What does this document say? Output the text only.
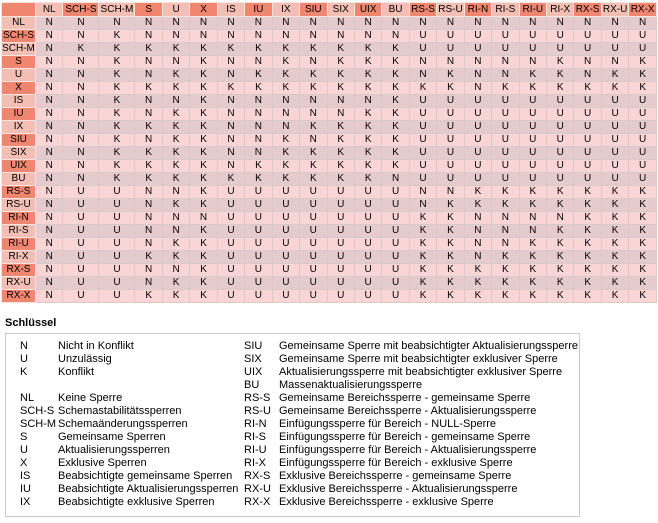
	NL	SCH-S	SCH-M	S	U	X	IS	IU	IX	SIU	SIX	UIX	BU	RS-S	RS-U	RI-N	RI-S	RI-U	RI-X	RX-S	RX-U	RX-X
NL	N	N	N	N	N	N	N	N	N	N	N	N	N	N	N	N	N	N	N	N	N	N
SCH-S	N	N	K	N	N	N	N	N	N	N	N	N	N	U	U	U	U	U	U	U	U	U
SCH-M	N	K	K	K	K	K	K	K	K	K	K	K	K	U	U	U	U	U	U	U	U	U
S	N	N	K	N	N	K	N	N	K	N	K	K	K	N	N	N	N	N	K	N	N	K
U	N	N	K	N	K	K	N	K	K	K	K	K	K	N	K	N	N	K	K	N	K	K
X	N	N	K	K	K	K	K	K	K	K	K	K	K	K	K	N	K	K	K	K	K	K
IS	N	N	K	N	N	K	N	N	N	N	N	N	K	U	U	U	U	U	U	U	U	U
IU	N	N	K	N	K	K	N	N	N	N	N	K	K	U	U	U	U	U	U	U	U	U
IX	N	N	K	K	K	K	N	N	N	K	K	K	K	U	U	U	U	U	U	U	U	U
SIU	N	N	K	N	K	K	N	N	K	N	K	K	K	U	U	U	U	U	U	U	U	U
SIX	N	N	K	K	K	K	N	N	K	K	K	K	K	U	U	U	U	U	U	U	U	U
UIX	N	N	K	K	K	K	N	K	K	K	K	K	K	U	U	U	U	U	U	U	U	U
BU	N	N	K	K	K	K	K	K	K	K	K	K	N	U	U	U	U	U	U	U	U	U
RS-S	N	U	U	N	N	K	U	U	U	U	U	U	U	N	N	K	K	K	K	K	K	K
RS-U	N	U	U	N	K	K	U	U	U	U	U	U	U	N	K	K	K	K	K	K	K	K
RI-N	N	U	U	N	N	N	U	U	U	U	U	U	U	K	K	N	N	N	N	K	K	K
RI-S	N	U	U	N	N	K	U	U	U	U	U	U	U	K	K	N	N	N	K	K	K	K
RI-U	N	U	U	N	K	K	U	U	U	U	U	U	U	K	K	N	N	K	K	K	K	K
RI-X	N	U	U	K	K	K	U	U	U	U	U	U	U	K	K	N	K	K	K	K	K	K
RX-S	N	U	U	N	N	K	U	U	U	U	U	U	U	K	K	K	K	K	K	K	K	K
RX-U	N	U	U	N	K	K	U	U	U	U	U	U	U	K	K	K	K	K	K	K	K	K
RX-X	N	U	U	K	K	K	U	U	U	U	U	U	U	K	K	K	K	K	K	K	K	K
Schlüssel
N	Nicht in Konflikt
U	Unzulässig
K	Konflikt

NL	Keine Sperre
SCH-S Schemastabilitätssperren
SCH-M Schemaänderungssperren
S	Gemeinsame Sperren
U	Aktualisierungssperren
X	Exklusive Sperren
IS	Beabsichtigte gemeinsame Sperren
IU	Beabsichtigte Aktualisierungssperren
IX	Beabsichtigte exklusive Sperren
SIU	Gemeinsame Sperre mit beabsichtigter Aktualisierungssperre
SIX	Gemeinsame Sperre mit beabsichtigter exklusiver Sperre
UIX	Aktualisierungssperre mit beabsichtigter exklusiver Sperre
BU	Massenaktualisierungssperre
RS-S Gemeinsame Bereichssperre - gemeinsame Sperre
RS-U Gemeinsame Bereichssperre - Aktualisierungssperre
RI-N	Einfügungssperre für Bereich - NULL-Sperre
RI-S	Einfügungssperre für Bereich - gemeinsame Sperre
RI-U	Einfügungssperre für Bereich - Aktualisierungssperre
RI-X	Einfügungssperre für Bereich - exklusive Sperre
RX-S Exklusive Bereichssperre - gemeinsame Sperre
RX-U Exklusive Bereichssperre - Aktualisierungssperre
RX-X Exklusive Bereichssperre - exklusive Sperre
